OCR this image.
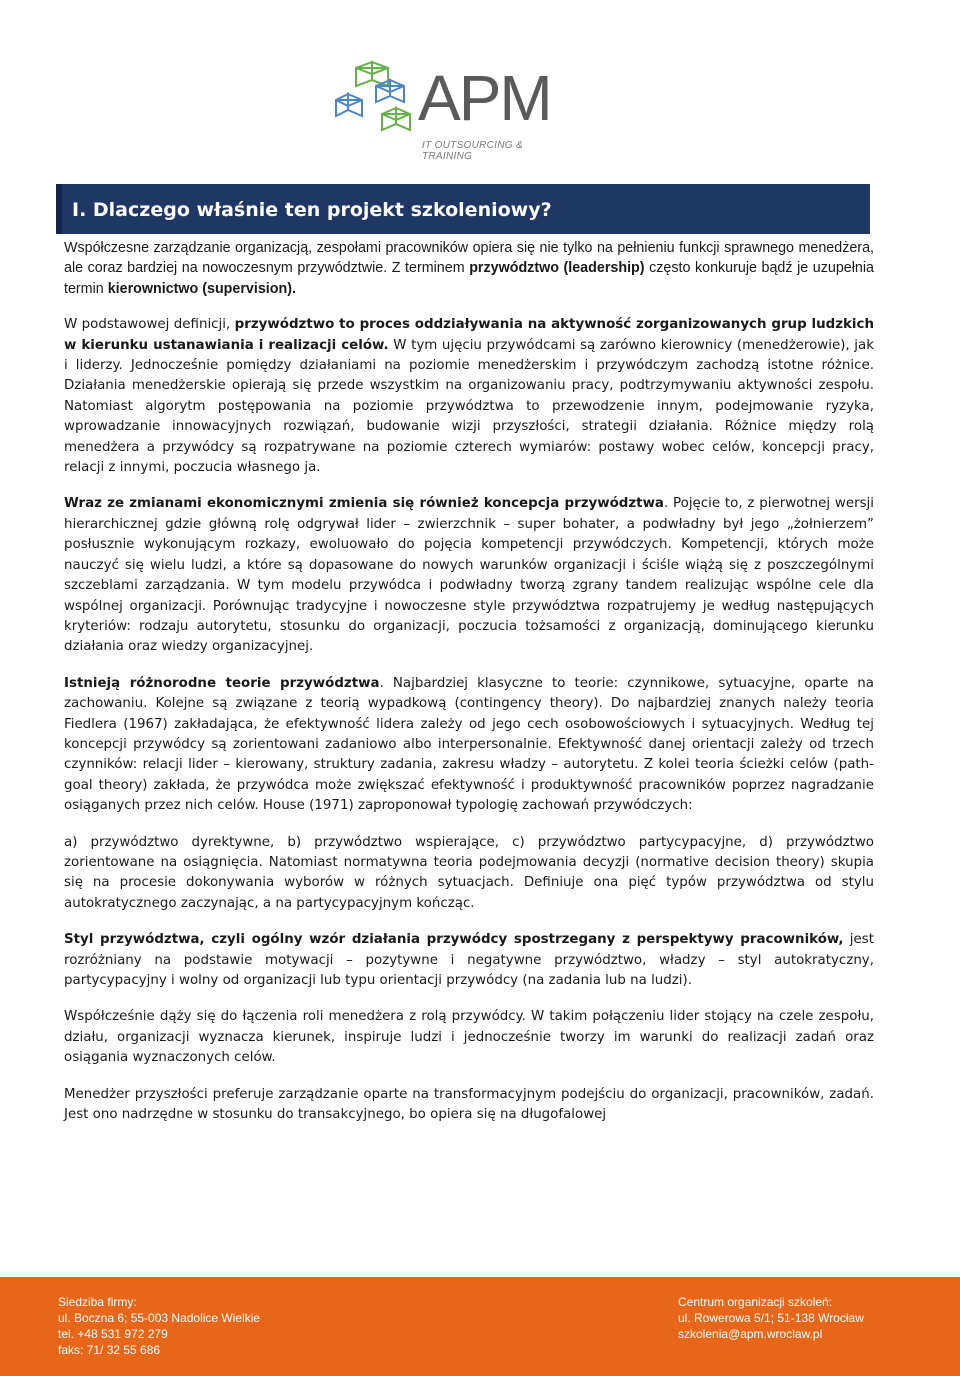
APM
IT OUTSOURCING & TRAINING
I. Dlaczego właśnie ten projekt szkoleniowy?

Współczesne zarządzanie organizacją, zespołami pracowników opiera się nie tylko na pełnieniu funkcji sprawnego menedżera, ale coraz bardziej na nowoczesnym przywództwie. Z terminem przywództwo (leadership) często konkuruje bądź je uzupełnia termin kierownictwo (supervision).

W podstawowej definicji, przywództwo to proces oddziaływania na aktywność zorganizowanych grup ludzkich w kierunku ustanawiania i realizacji celów. W tym ujęciu przywódcami są zarówno kierownicy (menedżerowie), jak i liderzy. Jednocześnie pomiędzy działaniami na poziomie menedżerskim i przywódczym zachodzą istotne różnice. Działania menedżerskie opierają się przede wszystkim na organizowaniu pracy, podtrzymywaniu aktywności zespołu. Natomiast algorytm postępowania na poziomie przywództwa to przewodzenie innym, podejmowanie ryzyka, wprowadzanie innowacyjnych rozwiązań, budowanie wizji przyszłości, strategii działania. Różnice między rolą menedżera a przywódcy są rozpatrywane na poziomie czterech wymiarów: postawy wobec celów, koncepcji pracy, relacji z innymi, poczucia własnego ja.

Wraz ze zmianami ekonomicznymi zmienia się również koncepcja przywództwa. Pojęcie to, z pierwotnej wersji hierarchicznej gdzie główną rolę odgrywał lider – zwierzchnik – super bohater, a podwładny był jego „żołnierzem” posłusznie wykonującym rozkazy, ewoluowało do pojęcia kompetencji przywódczych. Kompetencji, których może nauczyć się wielu ludzi, a które są dopasowane do nowych warunków organizacji i ściśle wiążą się z poszczególnymi szczeblami zarządzania. W tym modelu przywódca i podwładny tworzą zgrany tandem realizując wspólne cele dla wspólnej organizacji. Porównując tradycyjne i nowoczesne style przywództwa rozpatrujemy je według następujących kryteriów: rodzaju autorytetu, stosunku do organizacji, poczucia tożsamości z organizacją, dominującego kierunku działania oraz wiedzy organizacyjnej.

Istnieją różnorodne teorie przywództwa. Najbardziej klasyczne to teorie: czynnikowe, sytuacyjne, oparte na zachowaniu. Kolejne są związane z teorią wypadkową (contingency theory). Do najbardziej znanych należy teoria Fiedlera (1967) zakładająca, że efektywność lidera zależy od jego cech osobowościowych i sytuacyjnych. Według tej koncepcji przywódcy są zorientowani zadaniowo albo interpersonalnie. Efektywność danej orientacji zależy od trzech czynników: relacji lider – kierowany, struktury zadania, zakresu władzy – autorytetu. Z kolei teoria ścieżki celów (path-goal theory) zakłada, że przywódca może zwiększać efektywność i produktywność pracowników poprzez nagradzanie osiąganych przez nich celów. House (1971) zaproponował typologię zachowań przywódczych:

a) przywództwo dyrektywne, b) przywództwo wspierające, c) przywództwo partycypacyjne, d) przywództwo zorientowane na osiągnięcia. Natomiast normatywna teoria podejmowania decyzji (normative decision theory) skupia się na procesie dokonywania wyborów w różnych sytuacjach. Definiuje ona pięć typów przywództwa od stylu autokratycznego zaczynając, a na partycypacyjnym kończąc.

Styl przywództwa, czyli ogólny wzór działania przywódcy spostrzegany z perspektywy pracowników, jest rozróżniany na podstawie motywacji – pozytywne i negatywne przywództwo, władzy – styl autokratyczny, partycypacyjny i wolny od organizacji lub typu orientacji przywódcy (na zadania lub na ludzi).

Współcześnie dąży się do łączenia roli menedżera z rolą przywódcy. W takim połączeniu lider stojący na czele zespołu, działu, organizacji wyznacza kierunek, inspiruje ludzi i jednocześnie tworzy im warunki do realizacji zadań oraz osiągania wyznaczonych celów.

Menedżer przyszłości preferuje zarządzanie oparte na transformacyjnym podejściu do organizacji, pracowników, zadań. Jest ono nadrzędne w stosunku do transakcyjnego, bo opiera się na długofalowej

Siedziba firmy:
ul. Boczna 6; 55-003 Nadolice Wielkie
tel. +48 531 972 279
faks: 71/ 32 55 686
Centrum organizacji szkoleń:
ul. Rowerowa 5/1; 51-138 Wrocław
szkolenia@apm.wroclaw.pl
